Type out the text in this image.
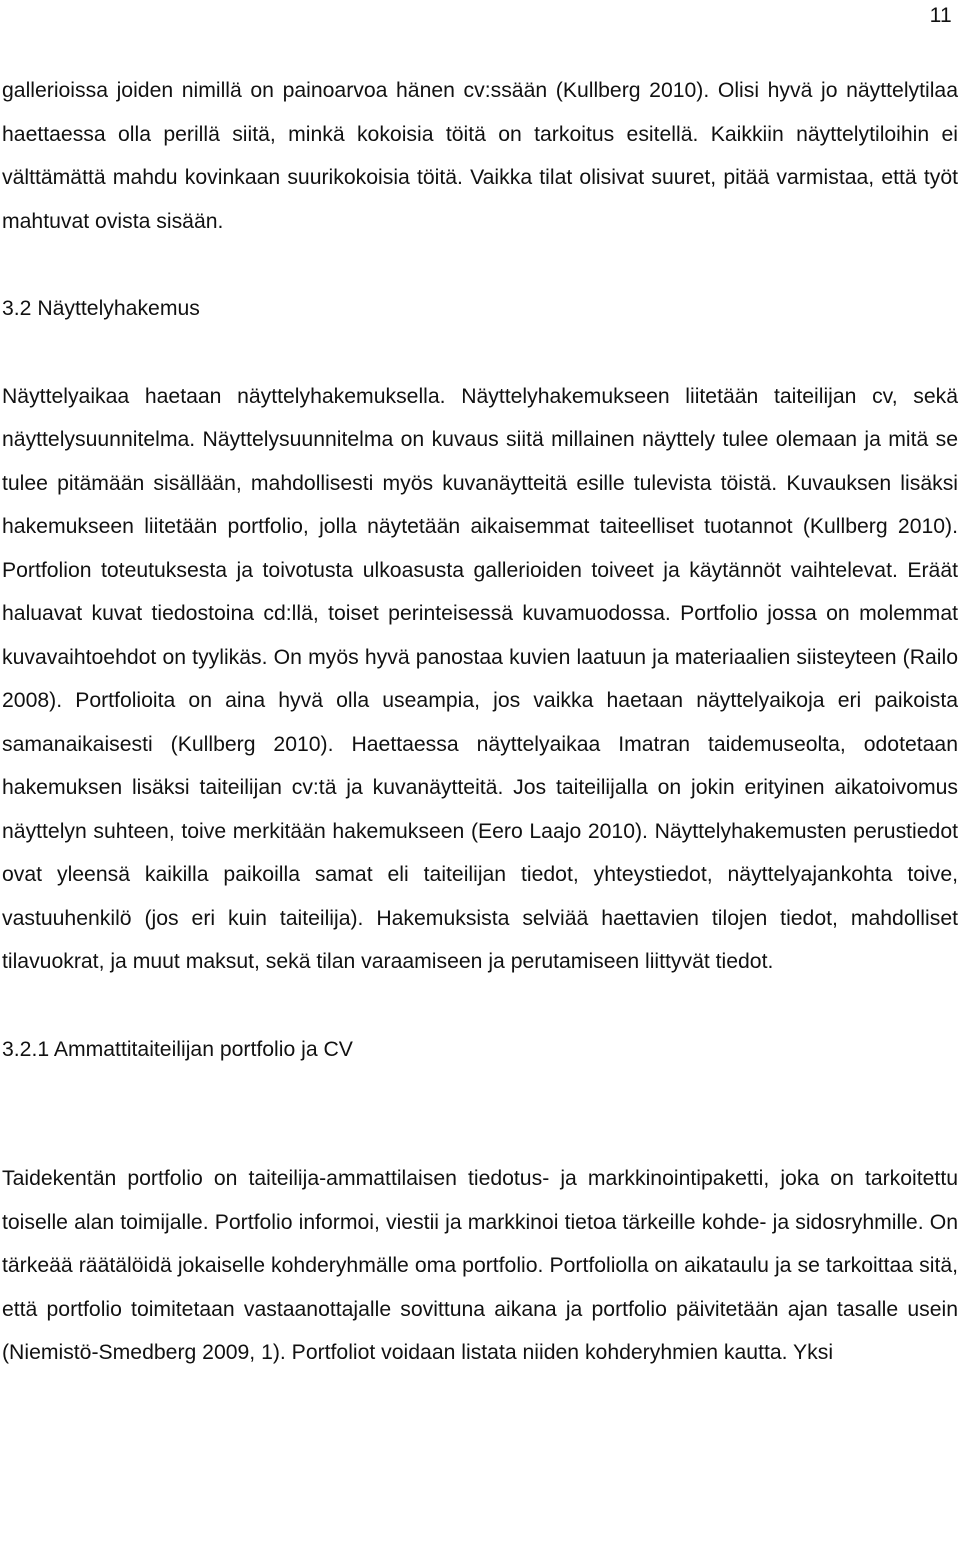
11

gallerioissa joiden nimillä on painoarvoa hänen cv:ssään (Kullberg 2010). Olisi hyvä jo näyttelytilaa haettaessa olla perillä siitä, minkä kokoisia töitä on tarkoitus esitellä. Kaikkiin näyttelytiloihin ei välttämättä mahdu kovinkaan suurikokoisia töitä. Vaikka tilat olisivat suuret, pitää varmistaa, että työt mahtuvat ovista sisään.

3.2 Näyttelyhakemus

Näyttelyaikaa haetaan näyttelyhakemuksella. Näyttelyhakemukseen liitetään taiteilijan cv, sekä näyttelysuunnitelma. Näyttelysuunnitelma on kuvaus siitä millainen näyttely tulee olemaan ja mitä se tulee pitämään sisällään, mahdollisesti myös kuvanäytteitä esille tulevista töistä. Kuvauksen lisäksi hakemukseen liitetään portfolio, jolla näytetään aikaisemmat taiteelliset tuotannot (Kullberg 2010). Portfolion toteutuksesta ja toivotusta ulkoasusta gallerioiden toiveet ja käytännöt vaihtelevat. Eräät haluavat kuvat tiedostoina cd:llä, toiset perinteisessä kuvamuodossa. Portfolio jossa on molemmat kuvavaihtoehdot on tyylikäs. On myös hyvä panostaa kuvien laatuun ja materiaalien siisteyteen (Railo 2008). Portfolioita on aina hyvä olla useampia, jos vaikka haetaan näyttelyaikoja eri paikoista samanaikaisesti (Kullberg 2010). Haettaessa näyttelyaikaa Imatran taidemuseolta, odotetaan hakemuksen lisäksi taiteilijan cv:tä ja kuvanäytteitä. Jos taiteilijalla on jokin erityinen aikatoivomus näyttelyn suhteen, toive merkitään hakemukseen (Eero Laajo 2010). Näyttelyhakemusten perustiedot ovat yleensä kaikilla paikoilla samat eli taiteilijan tiedot, yhteystiedot, näyttelyajankohta toive, vastuuhenkilö (jos eri kuin taiteilija). Hakemuksista selviää haettavien tilojen tiedot, mahdolliset tilavuokrat, ja muut maksut, sekä tilan varaamiseen ja perutamiseen liittyvät tiedot.

3.2.1 Ammattitaiteilijan portfolio ja CV

Taidekentän portfolio on taiteilija-ammattilaisen tiedotus- ja markkinointipaketti, joka on tarkoitettu toiselle alan toimijalle. Portfolio informoi, viestii ja markkinoi tietoa tärkeille kohde- ja sidosryhmille. On tärkeää räätälöidä jokaiselle kohderyhmälle oma portfolio. Portfoliolla on aikataulu ja se tarkoittaa sitä, että portfolio toimitetaan vastaanottajalle sovittuna aikana ja portfolio päivitetään ajan tasalle usein (Niemistö-Smedberg 2009, 1). Portfoliot voidaan listata niiden kohderyhmien kautta. Yksi
